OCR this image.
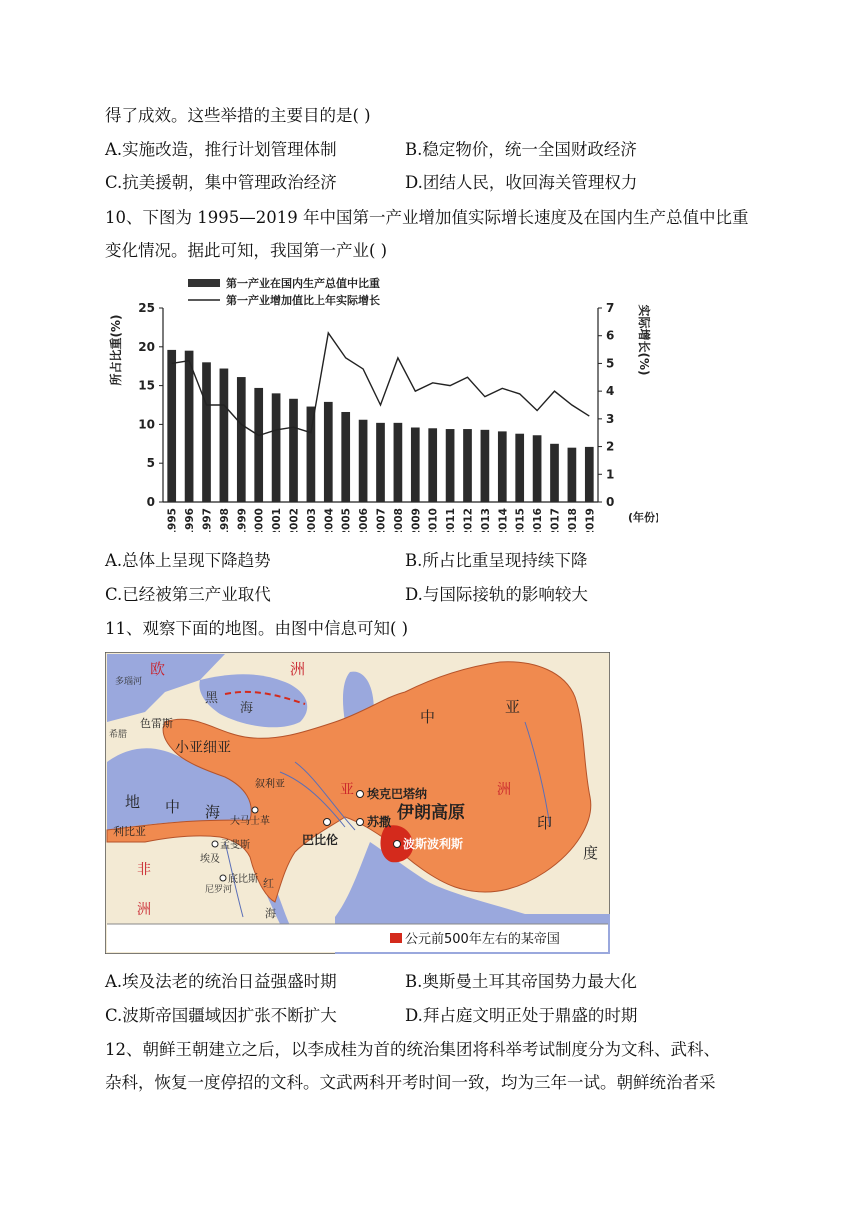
得了成效。这些举措的主要目的是( )
A.实施改造，推行计划管理体制	B.稳定物价，统一全国财政经济
C.抗美援朝，集中管理政治经济	D.团结人民，收回海关管理权力
10、下图为 1995—2019 年中国第一产业增加值实际增长速度及在国内生产总值中比重
变化情况。据此可知，我国第一产业( )
第一产业在国内生产总值中比重
第一产业增加值比上年实际增长
所占比重(%)	实际增长(%)
(年份)
0
5
10
15
20
25
0
1
2
3
4
5
6
7
1995 1996 1997 1998 1999 2000 2001 2002 2003 2004 2005 2006 2007 2008 2009 2010 2011 2012 2013 2014 2015 2016 2017 2018 2019
A.总体上呈现下降趋势	B.所占比重呈现持续下降
C.已经被第三产业取代	D.与国际接轨的影响较大
11、观察下面的地图。由图中信息可知( )
欧	洲
多瑙河
黑
海
色雷斯
希腊
小亚细亚
中
亚
亚	洲
伊朗高原	印
度
地 中 海
叙利亚
利比亚
埃及
尼罗河	红
海
非
洲
埃克巴塔纳
苏撒
巴比伦	波斯波利斯
大马士革
孟斐斯
底比斯
公元前500年左右的某帝国
A.埃及法老的统治日益强盛时期	B.奥斯曼土耳其帝国势力最大化
C.波斯帝国疆域因扩张不断扩大	D.拜占庭文明正处于鼎盛的时期
12、朝鲜王朝建立之后，以李成桂为首的统治集团将科举考试制度分为文科、武科、
杂科，恢复一度停招的文科。文武两科开考时间一致，均为三年一试。朝鲜统治者采
